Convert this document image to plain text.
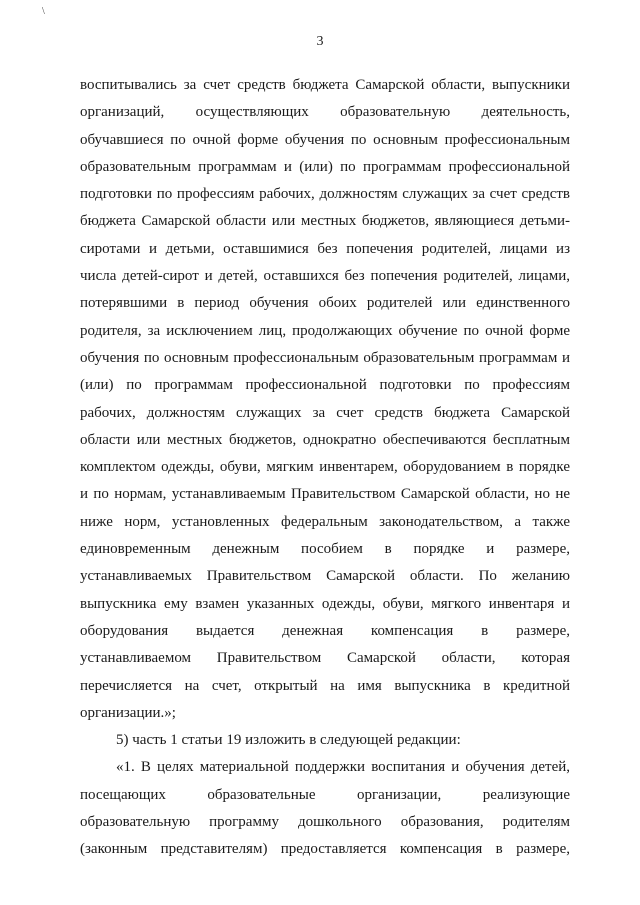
\
3
воспитывались за счет средств бюджета Самарской области, выпускники
организаций, осуществляющих образовательную деятельность,
обучавшиеся по очной форме обучения по основным профессиональным
образовательным программам и (или) по программам профессиональной
подготовки по профессиям рабочих, должностям служащих за счет средств
бюджета Самарской области или местных бюджетов, являющиеся детьми-
сиротами и детьми, оставшимися без попечения родителей, лицами из
числа детей-сирот и детей, оставшихся без попечения родителей, лицами,
потерявшими в период обучения обоих родителей или единственного
родителя, за исключением лиц, продолжающих обучение по очной форме
обучения по основным профессиональным образовательным программам и
(или) по программам профессиональной подготовки по профессиям
рабочих, должностям служащих за счет средств бюджета Самарской
области или местных бюджетов, однократно обеспечиваются бесплатным
комплектом одежды, обуви, мягким инвентарем, оборудованием в порядке
и по нормам, устанавливаемым Правительством Самарской области, но не
ниже норм, установленных федеральным законодательством, а также
единовременным денежным пособием в порядке и размере,
устанавливаемых Правительством Самарской области. По желанию
выпускника ему взамен указанных одежды, обуви, мягкого инвентаря и
оборудования выдается денежная компенсация в размере,
устанавливаемом Правительством Самарской области, которая
перечисляется на счет, открытый на имя выпускника в кредитной
организации.»;
5) часть 1 статьи 19 изложить в следующей редакции:
«1. В целях материальной поддержки воспитания и обучения детей,
посещающих образовательные организации, реализующие
образовательную программу дошкольного образования, родителям
(законным представителям) предоставляется компенсация в размере,
